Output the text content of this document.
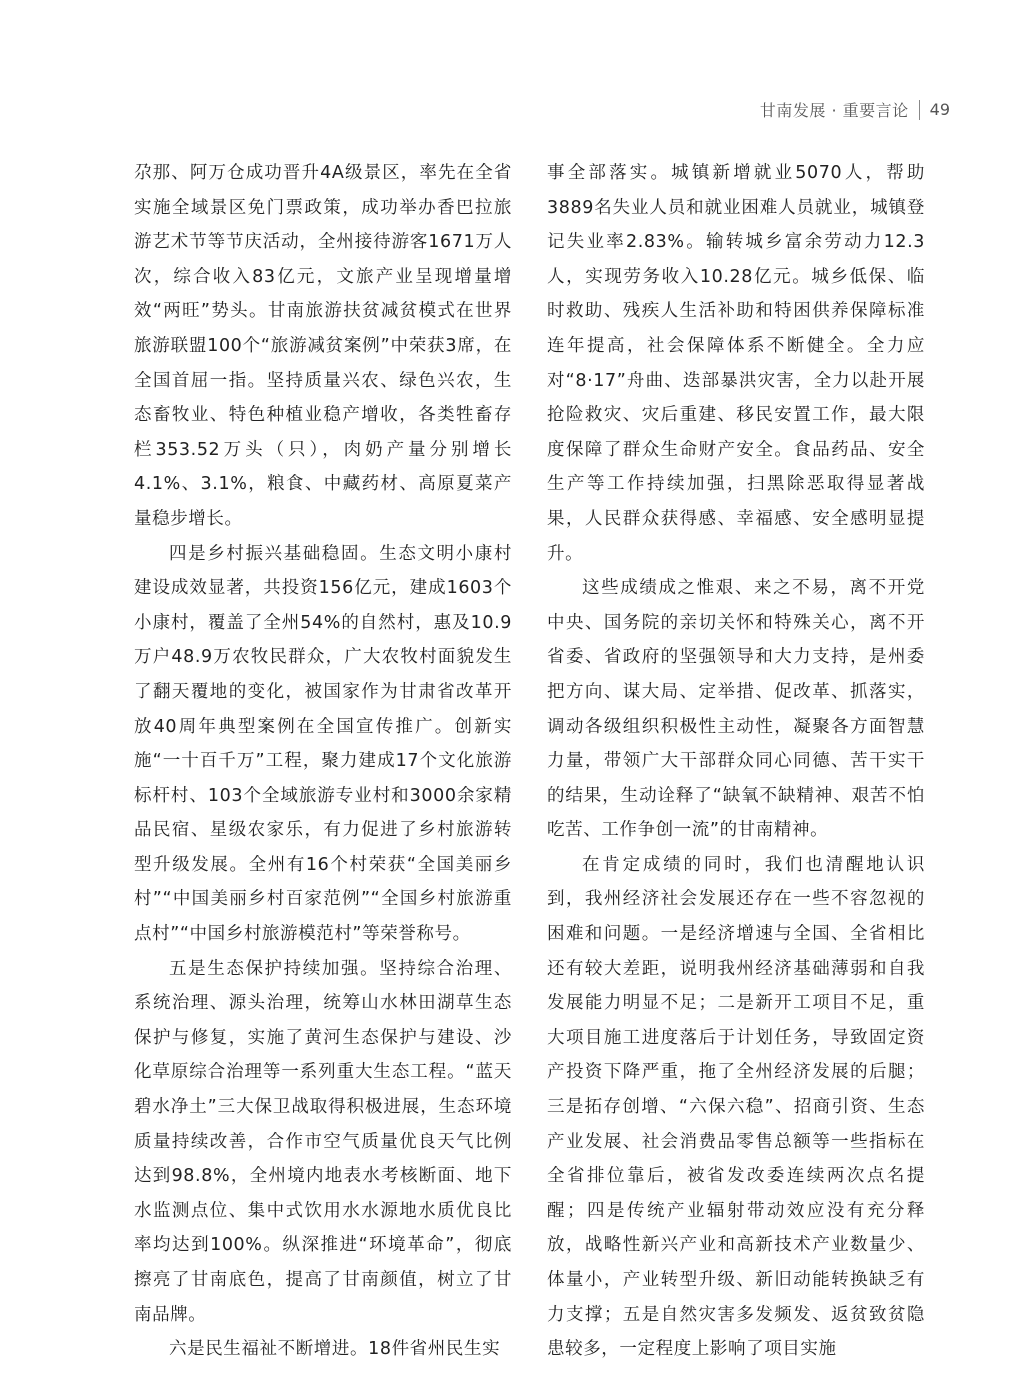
甘南发展 · 重要言论 49

尕那、阿万仓成功晋升4A级景区，率先在全省实施全域景区免门票政策，成功举办香巴拉旅游艺术节等节庆活动，全州接待游客1671万人次，综合收入83亿元，文旅产业呈现增量增效“两旺”势头。甘南旅游扶贫减贫模式在世界旅游联盟100个“旅游减贫案例”中荣获3席，在全国首屈一指。坚持质量兴农、绿色兴农，生态畜牧业、特色种植业稳产增收，各类牲畜存栏353.52万头（只），肉奶产量分别增长4.1%、3.1%，粮食、中藏药材、高原夏菜产量稳步增长。

四是乡村振兴基础稳固。生态文明小康村建设成效显著，共投资156亿元，建成1603个小康村，覆盖了全州54%的自然村，惠及10.9万户48.9万农牧民群众，广大农牧村面貌发生了翻天覆地的变化，被国家作为甘肃省改革开放40周年典型案例在全国宣传推广。创新实施“一十百千万”工程，聚力建成17个文化旅游标杆村、103个全域旅游专业村和3000余家精品民宿、星级农家乐，有力促进了乡村旅游转型升级发展。全州有16个村荣获“全国美丽乡村”“中国美丽乡村百家范例”“全国乡村旅游重点村”“中国乡村旅游模范村”等荣誉称号。

五是生态保护持续加强。坚持综合治理、系统治理、源头治理，统筹山水林田湖草生态保护与修复，实施了黄河生态保护与建设、沙化草原综合治理等一系列重大生态工程。“蓝天碧水净土”三大保卫战取得积极进展，生态环境质量持续改善，合作市空气质量优良天气比例达到98.8%，全州境内地表水考核断面、地下水监测点位、集中式饮用水水源地水质优良比率均达到100%。纵深推进“环境革命”，彻底擦亮了甘南底色，提高了甘南颜值，树立了甘南品牌。

六是民生福祉不断增进。18件省州民生实

事全部落实。城镇新增就业5070人，帮助3889名失业人员和就业困难人员就业，城镇登记失业率2.83%。输转城乡富余劳动力12.3人，实现劳务收入10.28亿元。城乡低保、临时救助、残疾人生活补助和特困供养保障标准连年提高，社会保障体系不断健全。全力应对“8·17”舟曲、迭部暴洪灾害，全力以赴开展抢险救灾、灾后重建、移民安置工作，最大限度保障了群众生命财产安全。食品药品、安全生产等工作持续加强，扫黑除恶取得显著战果，人民群众获得感、幸福感、安全感明显提升。

这些成绩成之惟艰、来之不易，离不开党中央、国务院的亲切关怀和特殊关心，离不开省委、省政府的坚强领导和大力支持，是州委把方向、谋大局、定举措、促改革、抓落实，调动各级组织积极性主动性，凝聚各方面智慧力量，带领广大干部群众同心同德、苦干实干的结果，生动诠释了“缺氧不缺精神、艰苦不怕吃苦、工作争创一流”的甘南精神。

在肯定成绩的同时，我们也清醒地认识到，我州经济社会发展还存在一些不容忽视的困难和问题。一是经济增速与全国、全省相比还有较大差距，说明我州经济基础薄弱和自我发展能力明显不足；二是新开工项目不足，重大项目施工进度落后于计划任务，导致固定资产投资下降严重，拖了全州经济发展的后腿；三是拓存创增、“六保六稳”、招商引资、生态产业发展、社会消费品零售总额等一些指标在全省排位靠后，被省发改委连续两次点名提醒；四是传统产业辐射带动效应没有充分释放，战略性新兴产业和高新技术产业数量少、体量小，产业转型升级、新旧动能转换缺乏有力支撑；五是自然灾害多发频发、返贫致贫隐患较多，一定程度上影响了项目实施
